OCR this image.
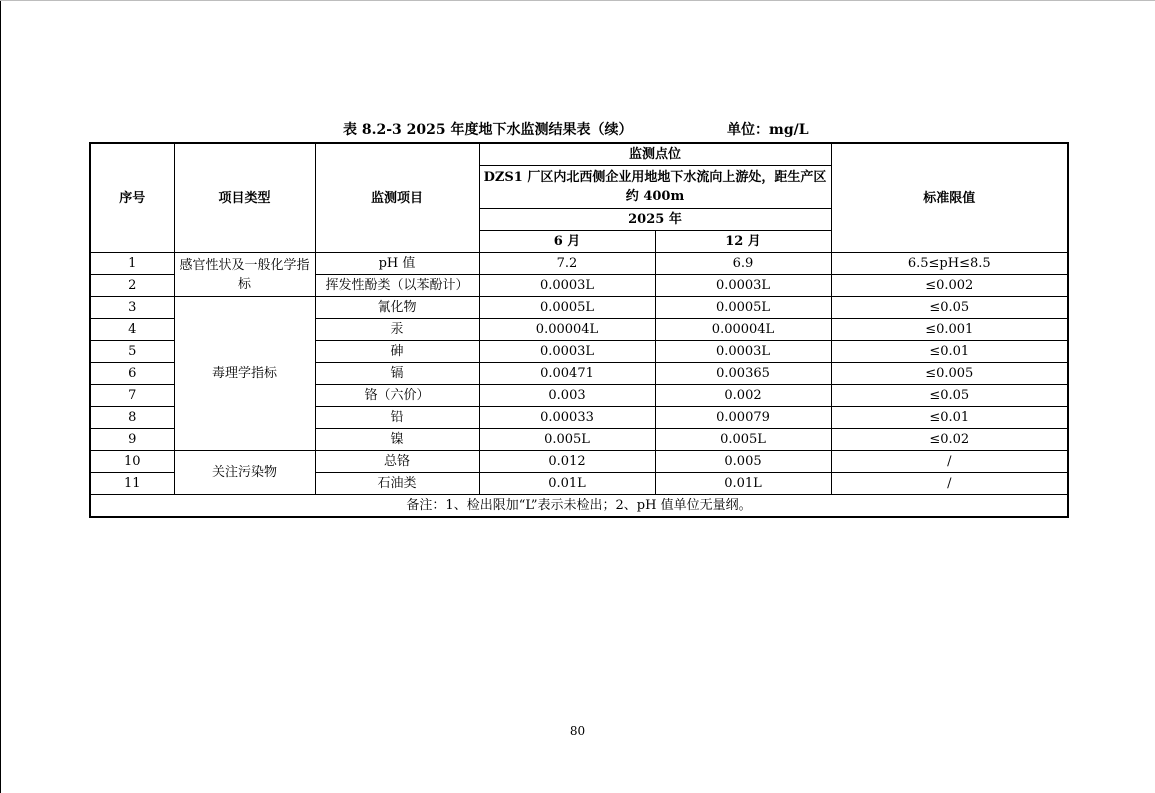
表 8.2-3 2025 年度地下水监测结果表（续）	单位：mg/L
序号	项目类型	监测项目	监测点位		标准限值
			DZS1 厂区内北西侧企业用地地下水流向上游处，距生产区约 400m		

			2025 年		
			6 月	12 月	
1	感官性状及一般化学指标	pH 值	7.2	6.9	6.5≤pH≤8.5
2		挥发性酚类（以苯酚计）	0.0003L	0.0003L	≤0.002
3	毒理学指标	氰化物	0.0005L	0.0005L	≤0.05
4		汞	0.00004L	0.00004L	≤0.001
5		砷	0.0003L	0.0003L	≤0.01
6		镉	0.00471	0.00365	≤0.005
7		铬（六价）	0.003	0.002	≤0.05
8		铅	0.00033	0.00079	≤0.01
9		镍	0.005L	0.005L	≤0.02
10	关注污染物	总铬	0.012	0.005	/
11		石油类	0.01L	0.01L	/
备注：1、检出限加“L”表示未检出；2、pH 值单位无量纲。					
80
